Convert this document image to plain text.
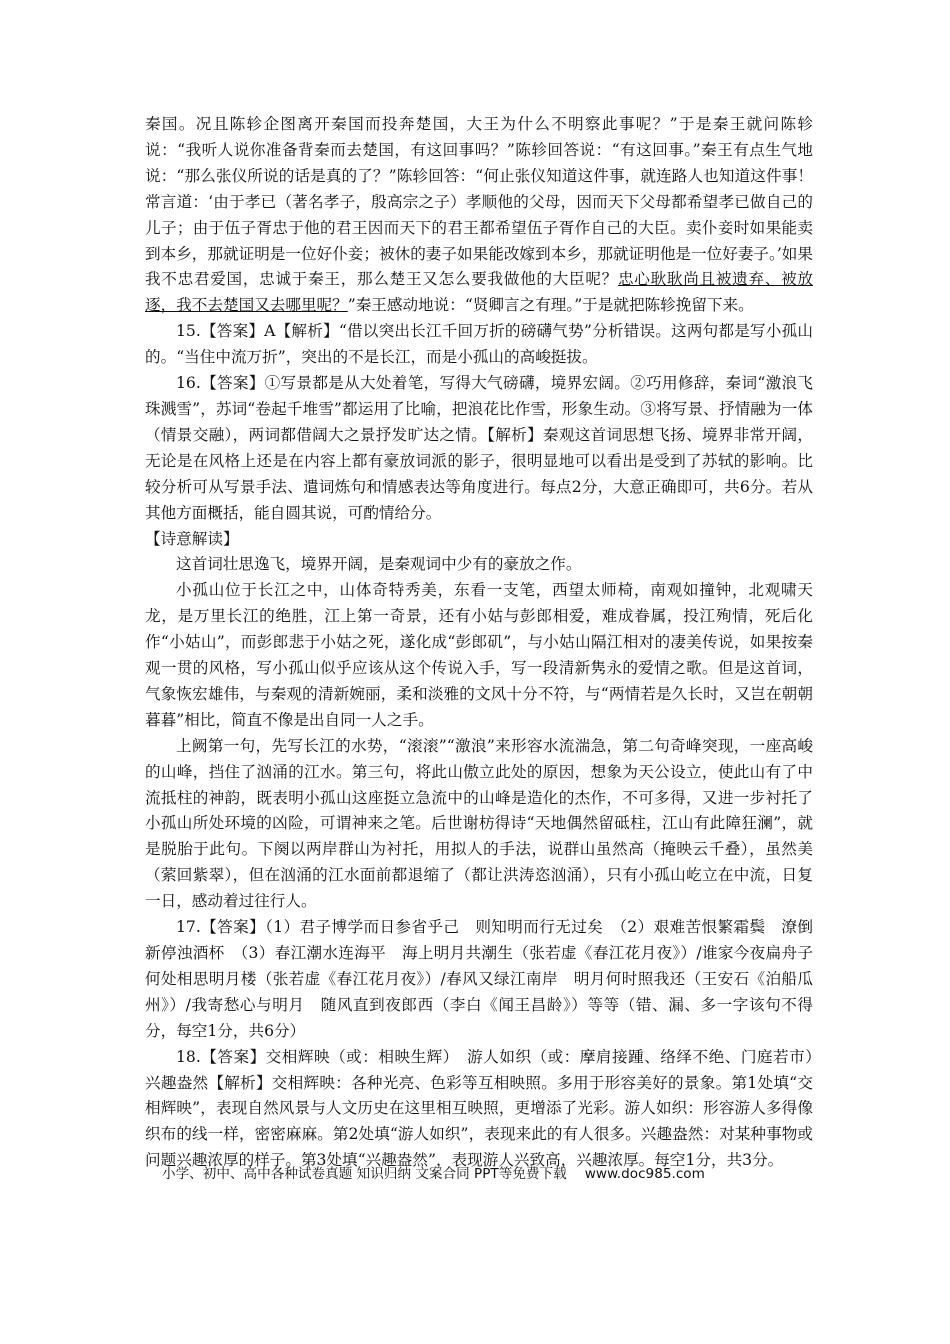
秦国。况且陈轸企图离开秦国而投奔楚国，大王为什么不明察此事呢？”于是秦王就问陈轸说：“我听人说你准备背秦而去楚国，有这回事吗？”陈轸回答说：“有这回事。”秦王有点生气地说：“那么张仪所说的话是真的了？”陈轸回答：“何止张仪知道这件事，就连路人也知道这件事！常言道：‘由于孝已（著名孝子，殷高宗之子）孝顺他的父母，因而天下父母都希望孝已做自己的儿子；由于伍子胥忠于他的君王因而天下的君王都希望伍子胥作自己的大臣。卖仆妾时如果能卖到本乡，那就证明是一位好仆妾；被休的妻子如果能改嫁到本乡，那就证明他是一位好妻子。’如果我不忠君爱国，忠诚于秦王，那么楚王又怎么要我做他的大臣呢？忠心耿耿尚且被遗弃、被放逐，我不去楚国又去哪里呢？”秦王感动地说：“贤卿言之有理。”于是就把陈轸挽留下来。

15.【答案】A【解析】“借以突出长江千回万折的磅礴气势”分析错误。这两句都是写小孤山的。“当住中流万折”，突出的不是长江，而是小孤山的高峻挺拔。

16.【答案】①写景都是从大处着笔，写得大气磅礴，境界宏阔。②巧用修辞，秦词“激浪飞珠溅雪”，苏词“卷起千堆雪”都运用了比喻，把浪花比作雪，形象生动。③将写景、抒情融为一体（情景交融），两词都借阔大之景抒发旷达之情。【解析】秦观这首词思想飞扬、境界非常开阔，无论是在风格上还是在内容上都有豪放词派的影子，很明显地可以看出是受到了苏轼的影响。比较分析可从写景手法、遣词炼句和情感表达等角度进行。每点2分，大意正确即可，共6分。若从其他方面概括，能自圆其说，可酌情给分。

【诗意解读】

这首词壮思逸飞，境界开阔，是秦观词中少有的豪放之作。

小孤山位于长江之中，山体奇特秀美，东看一支笔，西望太师椅，南观如撞钟，北观啸天龙，是万里长江的绝胜，江上第一奇景，还有小姑与彭郎相爱，难成眷属，投江殉情，死后化作“小姑山”，而彭郎悲于小姑之死，遂化成“彭郎矶”，与小姑山隔江相对的凄美传说，如果按秦观一贯的风格，写小孤山似乎应该从这个传说入手，写一段清新隽永的爱情之歌。但是这首词，气象恢宏雄伟，与秦观的清新婉丽，柔和淡雅的文风十分不符，与“两情若是久长时，又岂在朝朝暮暮”相比，简直不像是出自同一人之手。

上阙第一句，先写长江的水势，“滚滚”“激浪”来形容水流湍急，第二句奇峰突现，一座高峻的山峰，挡住了汹涌的江水。第三句，将此山傲立此处的原因，想象为天公设立，使此山有了中流抵柱的神韵，既表明小孤山这座挺立急流中的山峰是造化的杰作，不可多得，又进一步衬托了小孤山所处环境的凶险，可谓神来之笔。后世谢枋得诗“天地偶然留砥柱，江山有此障狂澜”，就是脱胎于此句。下阕以两岸群山为衬托，用拟人的手法，说群山虽然高（掩映云千叠），虽然美（萦回紫翠），但在汹涌的江水面前都退缩了（都让洪涛恣汹涌），只有小孤山屹立在中流，日复一日，感动着过往行人。

17.【答案】（1）君子博学而日参省乎己　则知明而行无过矣　（2）艰难苦恨繁霜鬓　潦倒新停浊酒杯　（3）春江潮水连海平　海上明月共潮生（张若虚《春江花月夜》）/谁家今夜扁舟子　何处相思明月楼（张若虚《春江花月夜》）/春风又绿江南岸　明月何时照我还（王安石《泊船瓜州》）/我寄愁心与明月　随风直到夜郎西（李白《闻王昌龄》）等等（错、漏、多一字该句不得分，每空1分，共6分）

18.【答案】交相辉映（或：相映生辉）　游人如织（或：摩肩接踵、络绎不绝、门庭若市）　兴趣盎然【解析】交相辉映：各种光亮、色彩等互相映照。多用于形容美好的景象。第1处填“交相辉映”，表现自然风景与人文历史在这里相互映照，更增添了光彩。游人如织：形容游人多得像织布的线一样，密密麻麻。第2处填“游人如织”，表现来此的有人很多。兴趣盎然：对某种事物或问题兴趣浓厚的样子。第3处填“兴趣盎然”，表现游人兴致高，兴趣浓厚。每空1分，共3分。

小学、初中、高中各种试卷真题 知识归纳 文案合同 PPT等免费下载 www.doc985.com
